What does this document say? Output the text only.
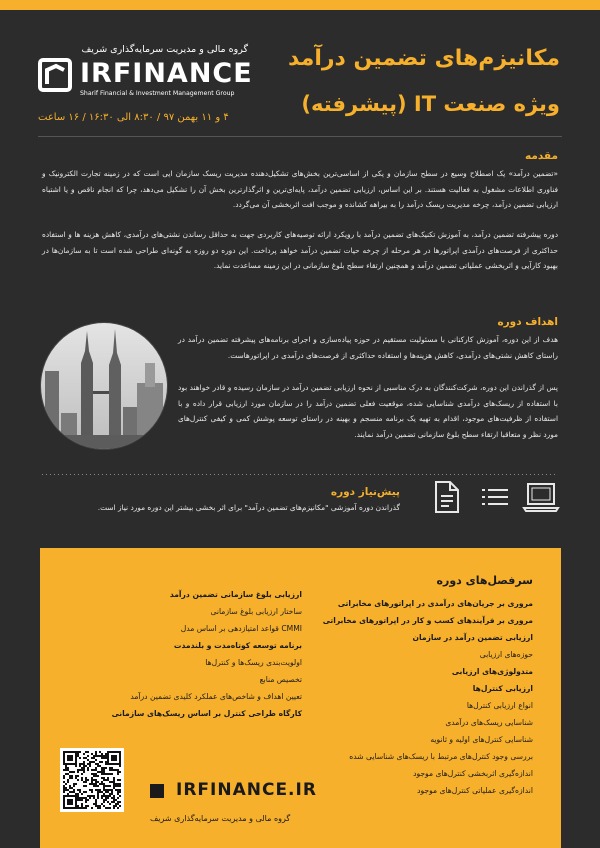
گروه مالی و مدیریت سرمایه‌گذاری شریف
IRFINANCE
Sharif Financial & Investment Management Group
مکانیزم‌های تضمین درآمد
ویژه صنعت IT (پیشرفته)
۴ و ۱۱ بهمن ۹۷ / ۸:۳۰ الی ۱۶:۳۰ / ۱۶ ساعت
مقدمه
«تضمین درآمد» یک اصطلاح وسیع در سطح سازمان و یکی از اساسی‌ترین بخش‌های تشکیل‌دهنده مدیریت ریسک سازمان ایی است که در زمینه تجارت الکترونیک و فناوری اطلاعات مشغول به فعالیت هستند. بر این اساس، ارزیابی تضمین درآمد، پایه‌ای‌ترین و اثرگذارترین بخش آن را تشکیل می‌دهد، چرا که انجام ناقص و یا اشتباه ارزیابی تضمین درآمد، چرخه مدیریت ریسک درآمد را به بیراهه کشانده و موجب افت اثربخشی آن می‌گردد.
دوره پیشرفته تضمین درآمد، به آموزش تکنیک‌های تضمین درآمد با رویکرد ارائه توصیه‌های کاربردی جهت به حداقل رساندن نشتی‌های درآمدی، کاهش هزینه ها و استفاده حداکثری از فرصت‌های درآمدی اپراتورها در هر مرحله از چرخه حیات تضمین درآمد خواهد پرداخت. این دوره دو روزه به گونه‌ای طراحی شده است تا به سازمان‌ها در بهبود کارآیی و اثربخشی عملیاتی تضمین درآمد و همچنین ارتقاء سطح بلوغ سازمانی در این زمینه مساعدت نماید.
اهداف دوره
هدف از این دوره، آموزش کارکنانی با مسئولیت مستقیم در حوزه پیاده‌سازی و اجرای برنامه‌های پیشرفته تضمین درآمد در راستای کاهش نشتی‌های درآمدی، کاهش هزینه‌ها و استفاده حداکثری از فرصت‌های درآمدی در اپراتورهاست.
پس از گذراندن این دوره، شرکت‌کنندگان به درک مناسبی از نحوه ارزیابی تضمین درآمد در سازمان رسیده و قادر خواهند بود با استفاده از ریسک‌های درآمدی شناسایی شده، موقعیت فعلی تضمین درآمد را در سازمان مورد ارزیابی قرار داده و با استفاده از ظرفیت‌های موجود، اقدام به تهیه یک برنامه منسجم و بهینه در راستای توسعه پوشش کمی و کیفی کنترل‌های مورد نظر و متعاقبا ارتقاء سطح بلوغ سازمانی تضمین درآمد نمایند.
پیش‌نیاز دوره
گذراندن دوره آموزشی "مکانیزم‌های تضمین درآمد" برای اثر بخشی بیشتر این دوره مورد نیاز است.
سرفصل‌های دوره
مروری بر جریان‌های درآمدی در اپراتورهای مخابراتی
مروری بر فرآیندهای کسب و کار در اپراتورهای مخابراتی
ارزیابی تضمین درآمد در سازمان
حوزه‌های ارزیابی
متدولوژی‌های ارزیابی
ارزیابی کنترل‌ها
انواع ارزیابی کنترل‌ها
شناسایی ریسک‌های درآمدی
شناسایی کنترل‌های اولیه و ثانویه
بررسی وجود کنترل‌های مرتبط با ریسک‌های شناسایی شده
اندازه‌گیری اثربخشی کنترل‌های موجود
اندازه‌گیری عملیاتی کنترل‌های موجود
ارزیابی بلوغ سازمانی تضمین درآمد
ساختار ارزیابی بلوغ سازمانی
CMMI قواعد امتیازدهی بر اساس مدل
برنامه توسعه کوتاه‌مدت و بلندمدت
اولویت‌بندی ریسک‌ها و کنترل‌ها
تخصیص منابع
تعیین اهداف و شاخص‌های عملکرد کلیدی تضمین درآمد
کارگاه طراحی کنترل بر اساس ریسک‌های سازمانی
IRFINANCE.IR
گروه مالی و مدیریت سرمایه‌گذاری شریف
